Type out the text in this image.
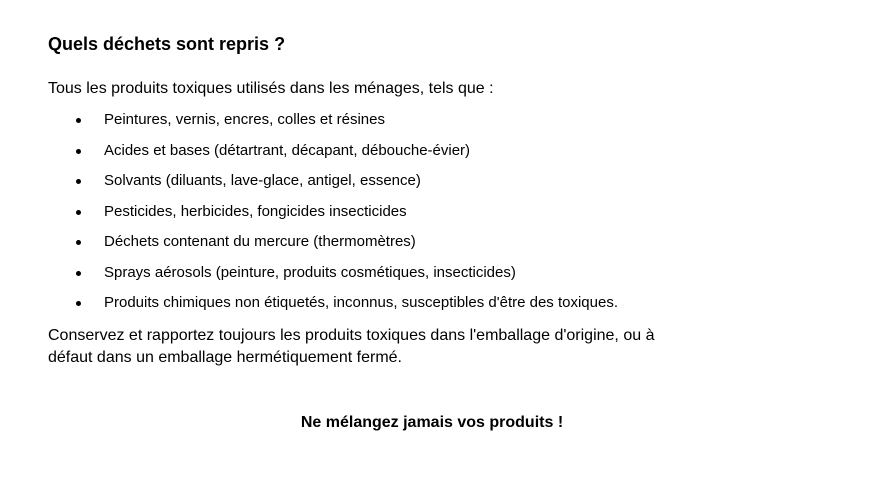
Quels déchets sont repris ?

Tous les produits toxiques utilisés dans les ménages, tels que :

Peintures, vernis, encres, colles et résines
Acides et bases (détartrant, décapant, débouche-évier)
Solvants (diluants, lave-glace, antigel, essence)
Pesticides, herbicides, fongicides insecticides
Déchets contenant du mercure (thermomètres)
Sprays aérosols (peinture, produits cosmétiques, insecticides)
Produits chimiques non étiquetés, inconnus, susceptibles d'être des toxiques.

Conservez et rapportez toujours les produits toxiques dans l'emballage d'origine, ou à
défaut dans un emballage hermétiquement fermé.

Ne mélangez jamais vos produits !
